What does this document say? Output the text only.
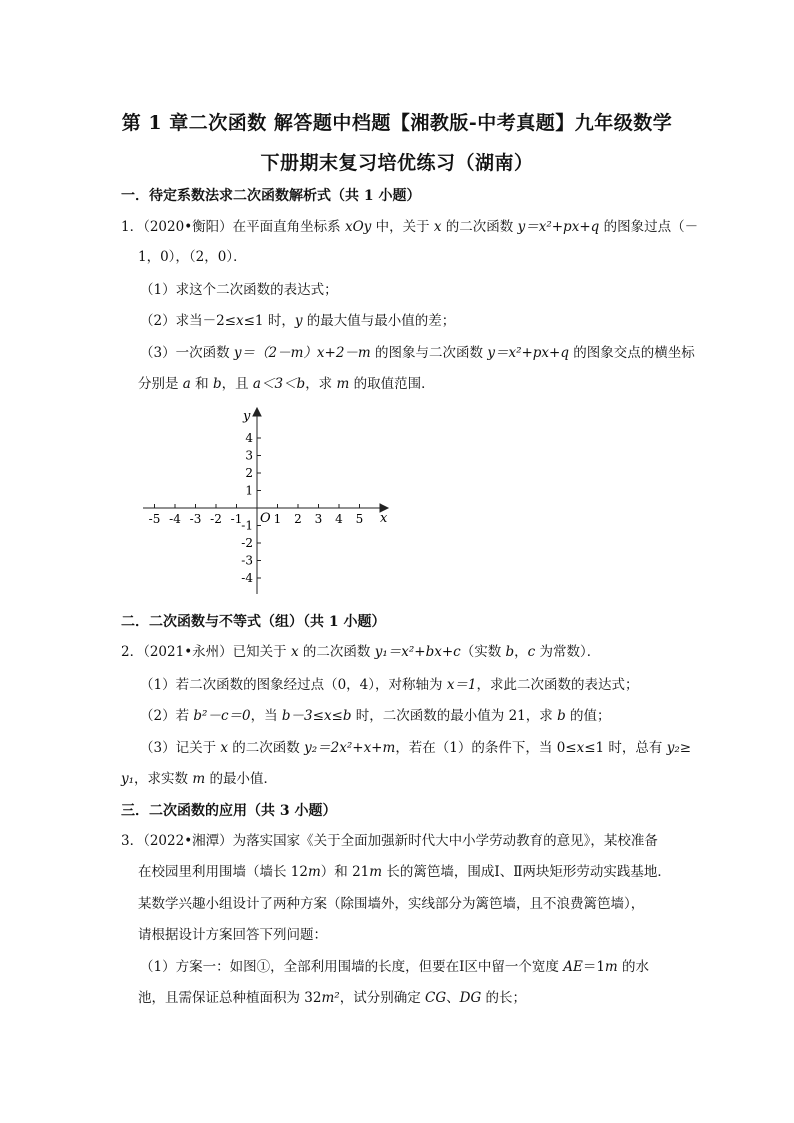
第 1 章二次函数 解答题中档题【湘教版-中考真题】九年级数学
下册期末复习培优练习（湖南）
一．待定系数法求二次函数解析式（共 1 小题）
1．（2020•衡阳）在平面直角坐标系 xOy 中，关于 x 的二次函数 y＝x²+px+q 的图象过点（－
1，0），（2，0）．
（1）求这个二次函数的表达式；
（2）求当－2≤x≤1 时，y 的最大值与最小值的差；
（3）一次函数 y＝（2－m）x+2－m 的图象与二次函数 y＝x²+px+q 的图象交点的横坐标
分别是 a 和 b，且 a＜3＜b，求 m 的取值范围．
-5 -4 -3 -2 -1	1 2 3 4 5
4
3
2
1
-1
-2
-3
-4
x
y
O
二．二次函数与不等式（组）（共 1 小题）
2．（2021•永州）已知关于 x 的二次函数 y₁＝x²+bx+c（实数 b，c 为常数）．
（1）若二次函数的图象经过点（0，4），对称轴为 x＝1，求此二次函数的表达式；
（2）若 b²－c＝0，当 b－3≤x≤b 时，二次函数的最小值为 21，求 b 的值；
（3）记关于 x 的二次函数 y₂＝2x²+x+m，若在（1）的条件下，当 0≤x≤1 时，总有 y₂≥
y₁，求实数 m 的最小值．
三．二次函数的应用（共 3 小题）
3．（2022•湘潭）为落实国家《关于全面加强新时代大中小学劳动教育的意见》，某校准备
在校园里利用围墙（墙长 12m）和 21m 长的篱笆墙，围成Ⅰ、Ⅱ两块矩形劳动实践基地．
某数学兴趣小组设计了两种方案（除围墙外，实线部分为篱笆墙，且不浪费篱笆墙），
请根据设计方案回答下列问题：
（1）方案一：如图①，全部利用围墙的长度，但要在Ⅰ区中留一个宽度 AE＝1m 的水
池，且需保证总种植面积为 32m²，试分别确定 CG、DG 的长；
